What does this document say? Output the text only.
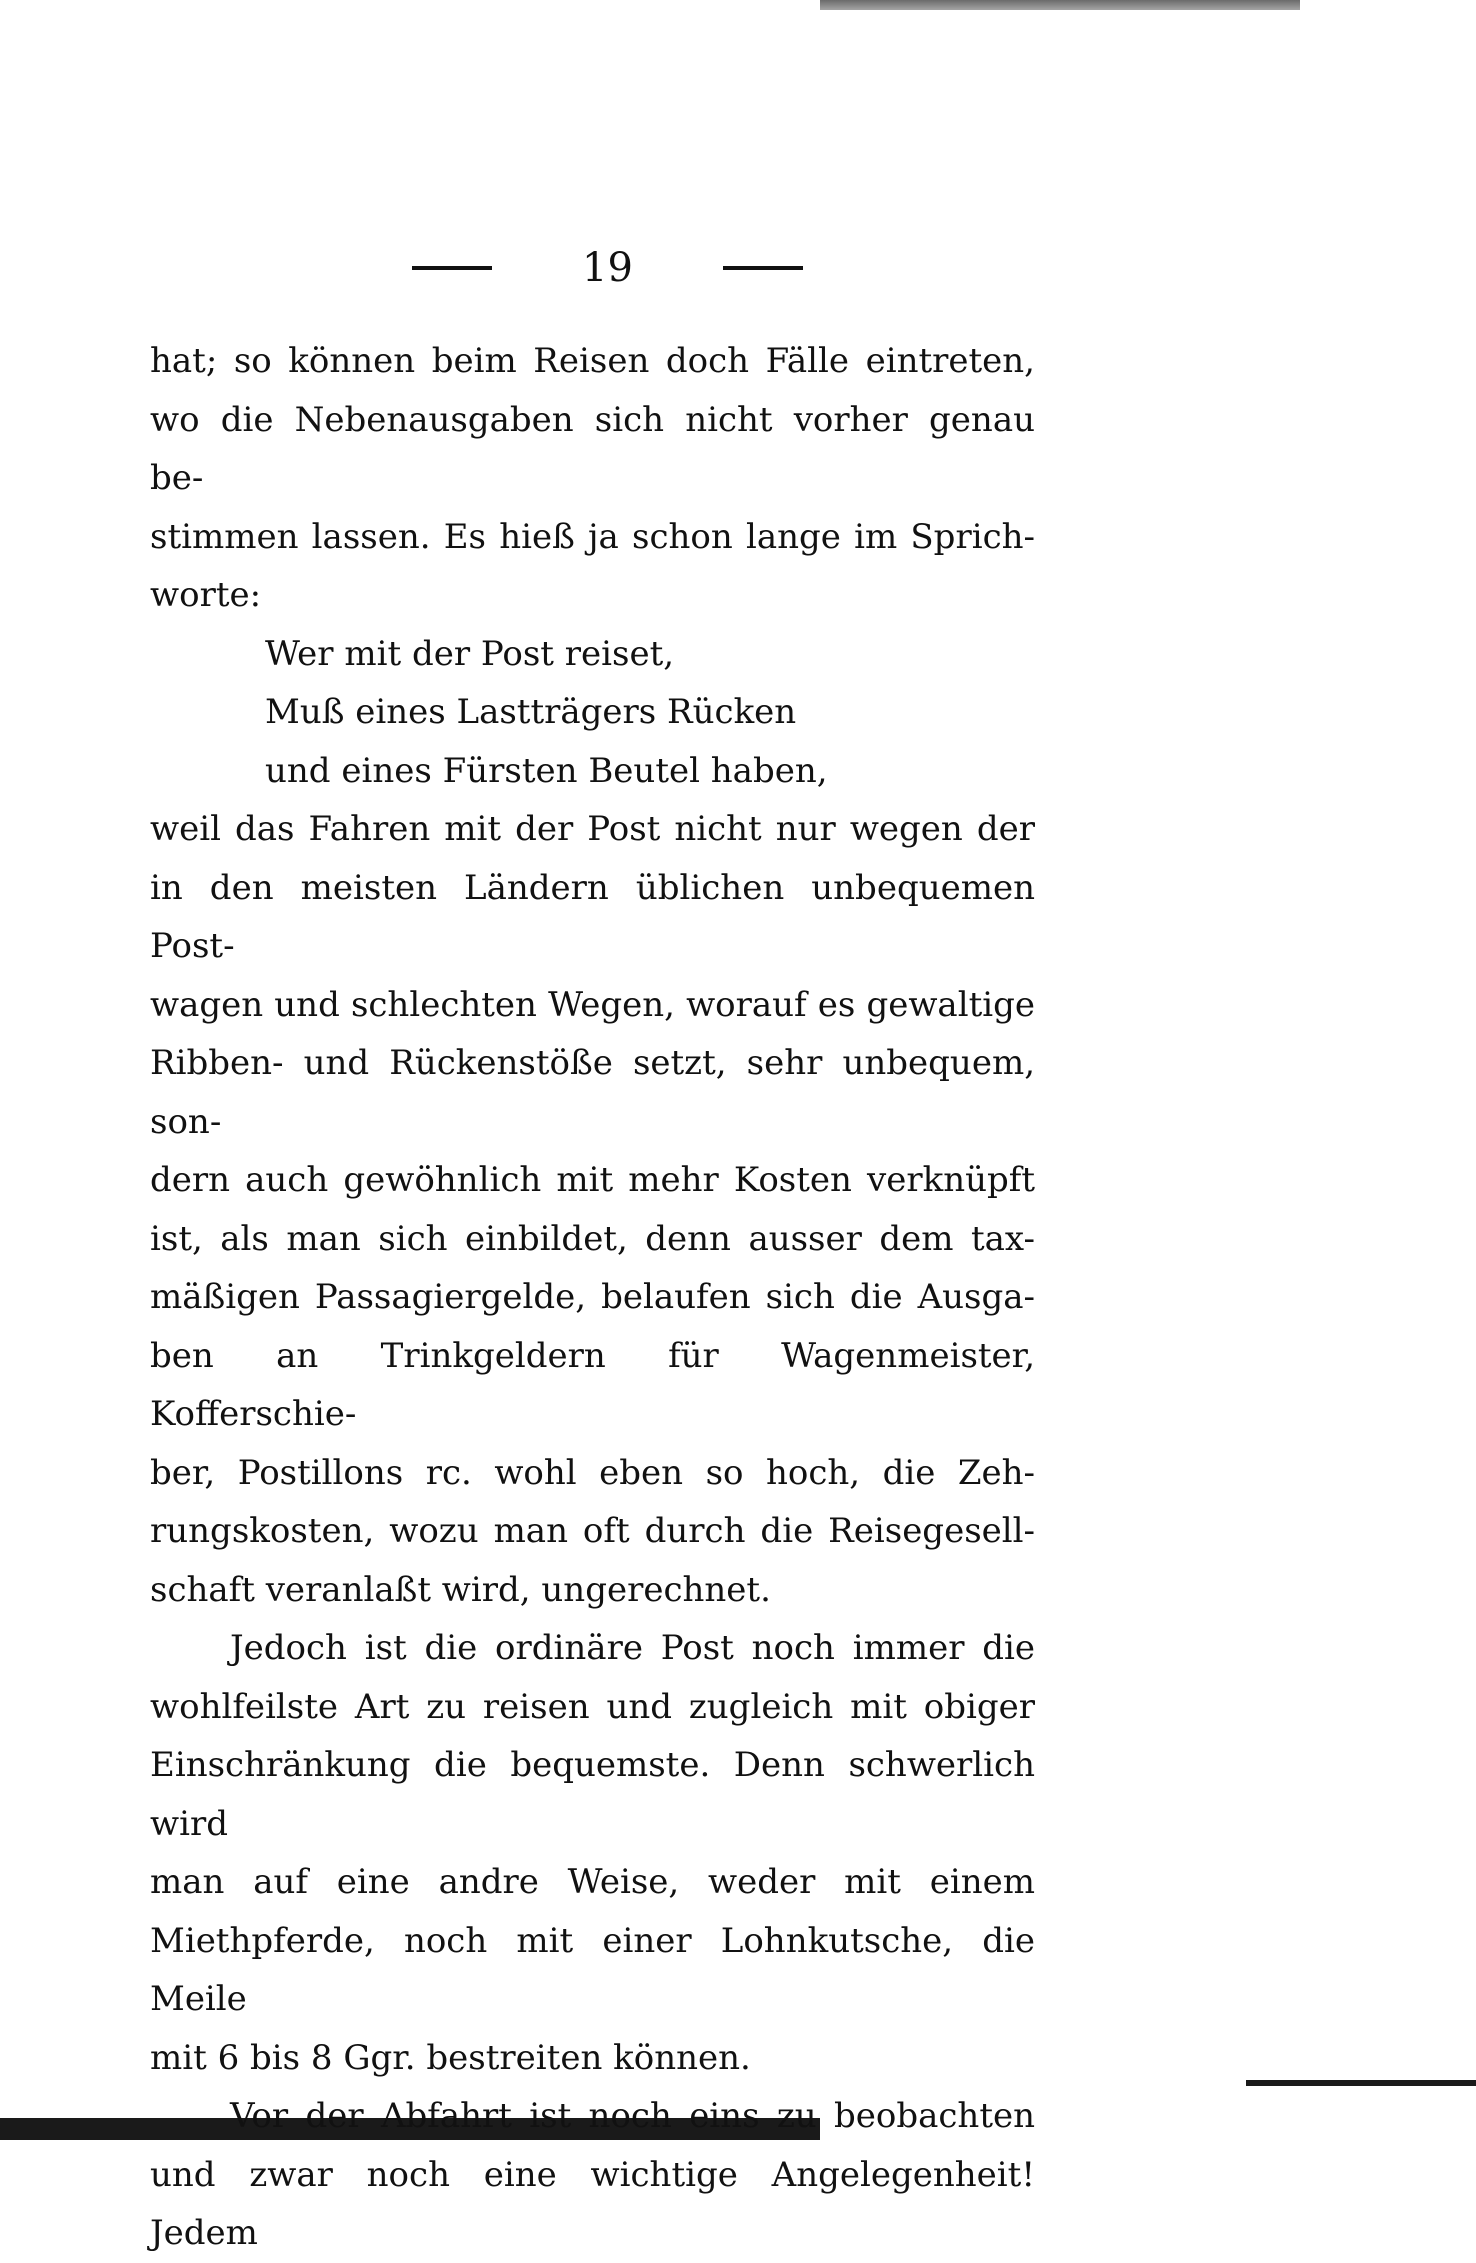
19
hat; so können beim Reisen doch Fälle eintreten,
wo die Nebenausgaben sich nicht vorher genau be-
stimmen lassen. Es hieß ja schon lange im Sprich-
worte:
Wer mit der Post reiset,
Muß eines Lastträgers Rücken
und eines Fürsten Beutel haben,
weil das Fahren mit der Post nicht nur wegen der
in den meisten Ländern üblichen unbequemen Post-
wagen und schlechten Wegen, worauf es gewaltige
Ribben- und Rückenstöße setzt, sehr unbequem, son-
dern auch gewöhnlich mit mehr Kosten verknüpft
ist, als man sich einbildet, denn ausser dem tax-
mäßigen Passagiergelde, belaufen sich die Ausga-
ben an Trinkgeldern für Wagenmeister, Kofferschie-
ber, Postillons rc. wohl eben so hoch, die Zeh-
rungskosten, wozu man oft durch die Reisegesell-
schaft veranlaßt wird, ungerechnet.
Jedoch ist die ordinäre Post noch immer die
wohlfeilste Art zu reisen und zugleich mit obiger
Einschränkung die bequemste. Denn schwerlich wird
man auf eine andre Weise, weder mit einem
Miethpferde, noch mit einer Lohnkutsche, die Meile
mit 6 bis 8 Ggr. bestreiten können.
Vor der Abfahrt ist noch eins zu beobachten
und zwar noch eine wichtige Angelegenheit! Jedem
